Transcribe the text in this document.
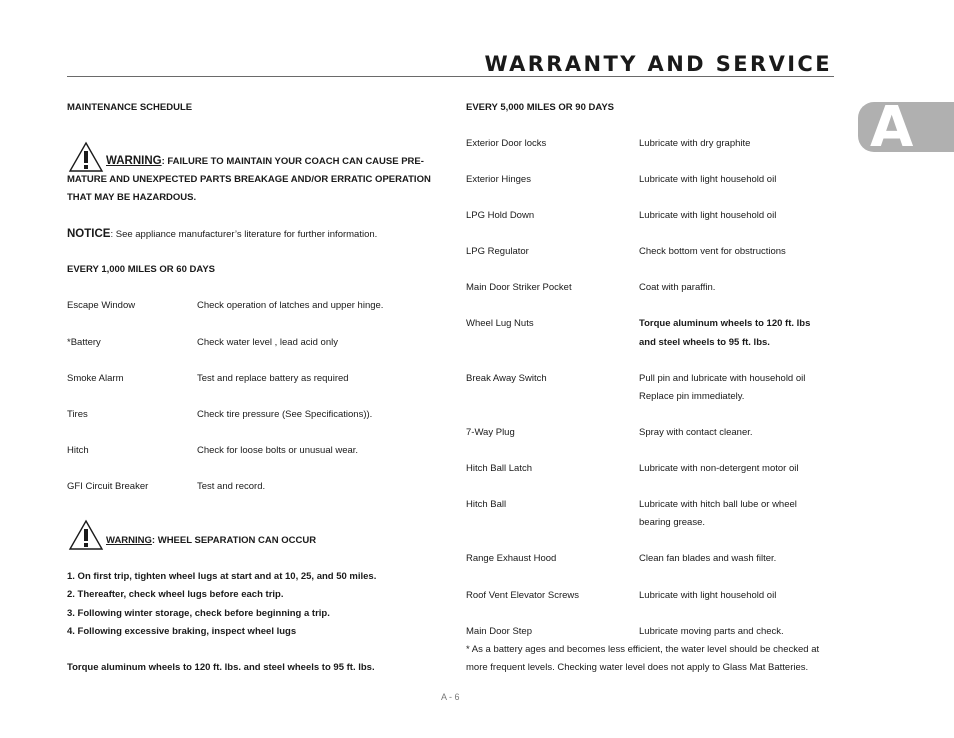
WARRANTY AND SERVICE
A
MAINTENANCE SCHEDULE
WARNING: FAILURE TO MAINTAIN YOUR COACH CAN CAUSE PRE-
MATURE AND UNEXPECTED PARTS BREAKAGE AND/OR ERRATIC OPERATION
THAT MAY BE HAZARDOUS.
NOTICE: See appliance manufacturer’s literature for further information.
EVERY 1,000 MILES OR 60 DAYS
Escape Window	Check operation of latches and upper hinge.
*Battery	Check water level , lead acid only
Smoke Alarm	Test and replace battery as required
Tires	Check tire pressure (See Specifications)).
Hitch	Check for loose bolts or unusual wear.
GFI Circuit Breaker	Test and record.
WARNING: WHEEL SEPARATION CAN OCCUR
1. On first trip, tighten wheel lugs at start and at 10, 25, and 50 miles.
2. Thereafter, check wheel lugs before each trip.
3. Following winter storage, check before beginning a trip.
4. Following excessive braking, inspect wheel lugs
Torque aluminum wheels to 120 ft. lbs. and steel wheels to 95 ft. lbs.
EVERY 5,000 MILES OR 90 DAYS
Exterior Door locks	Lubricate with dry graphite
Exterior Hinges	Lubricate with light household oil
LPG Hold Down	Lubricate with light household oil
LPG Regulator	Check bottom vent for obstructions
Main Door Striker Pocket	Coat with paraffin.
Wheel Lug Nuts	Torque aluminum wheels to 120 ft. lbs
and steel wheels to 95 ft. lbs.
Break Away Switch	Pull pin and lubricate with household oil
Replace pin immediately.
7-Way Plug	Spray with contact cleaner.
Hitch Ball Latch	Lubricate with non-detergent motor oil
Hitch Ball	Lubricate with hitch ball lube or wheel
bearing grease.
Range Exhaust Hood	Clean fan blades and wash filter.
Roof Vent Elevator Screws	Lubricate with light household oil
Main Door Step	Lubricate moving parts and check.
* As a battery ages and becomes less efficient, the water level should be checked at
more frequent levels. Checking water level does not apply to Glass Mat Batteries.
A - 6
